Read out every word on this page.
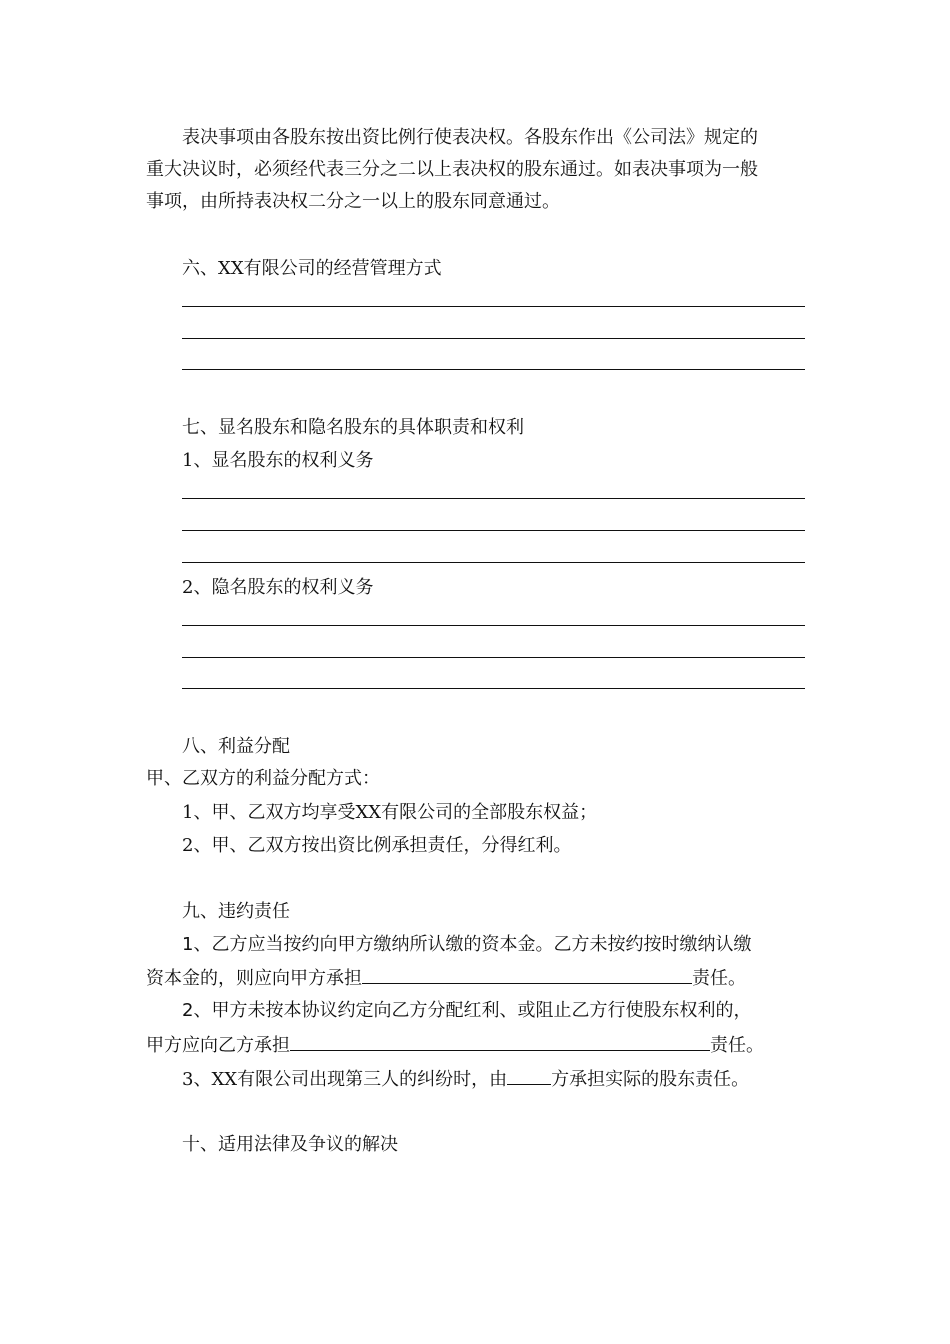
表决事项由各股东按出资比例行使表决权。各股东作出《公司法》规定的
重大决议时，必须经代表三分之二以上表决权的股东通过。如表决事项为一般
事项，由所持表决权二分之一以上的股东同意通过。
六、XX有限公司的经营管理方式
七、显名股东和隐名股东的具体职责和权利
1、显名股东的权利义务
2、隐名股东的权利义务
八、利益分配
甲、乙双方的利益分配方式：
1、甲、乙双方均享受XX有限公司的全部股东权益；
2、甲、乙双方按出资比例承担责任，分得红利。
九、违约责任
1、乙方应当按约向甲方缴纳所认缴的资本金。乙方未按约按时缴纳认缴
资本金的，则应向甲方承担	责任。
2、甲方未按本协议约定向乙方分配红利、或阻止乙方行使股东权利的，
甲方应向乙方承担	责任。
3、XX有限公司出现第三人的纠纷时，由 方承担实际的股东责任。
十、适用法律及争议的解决
